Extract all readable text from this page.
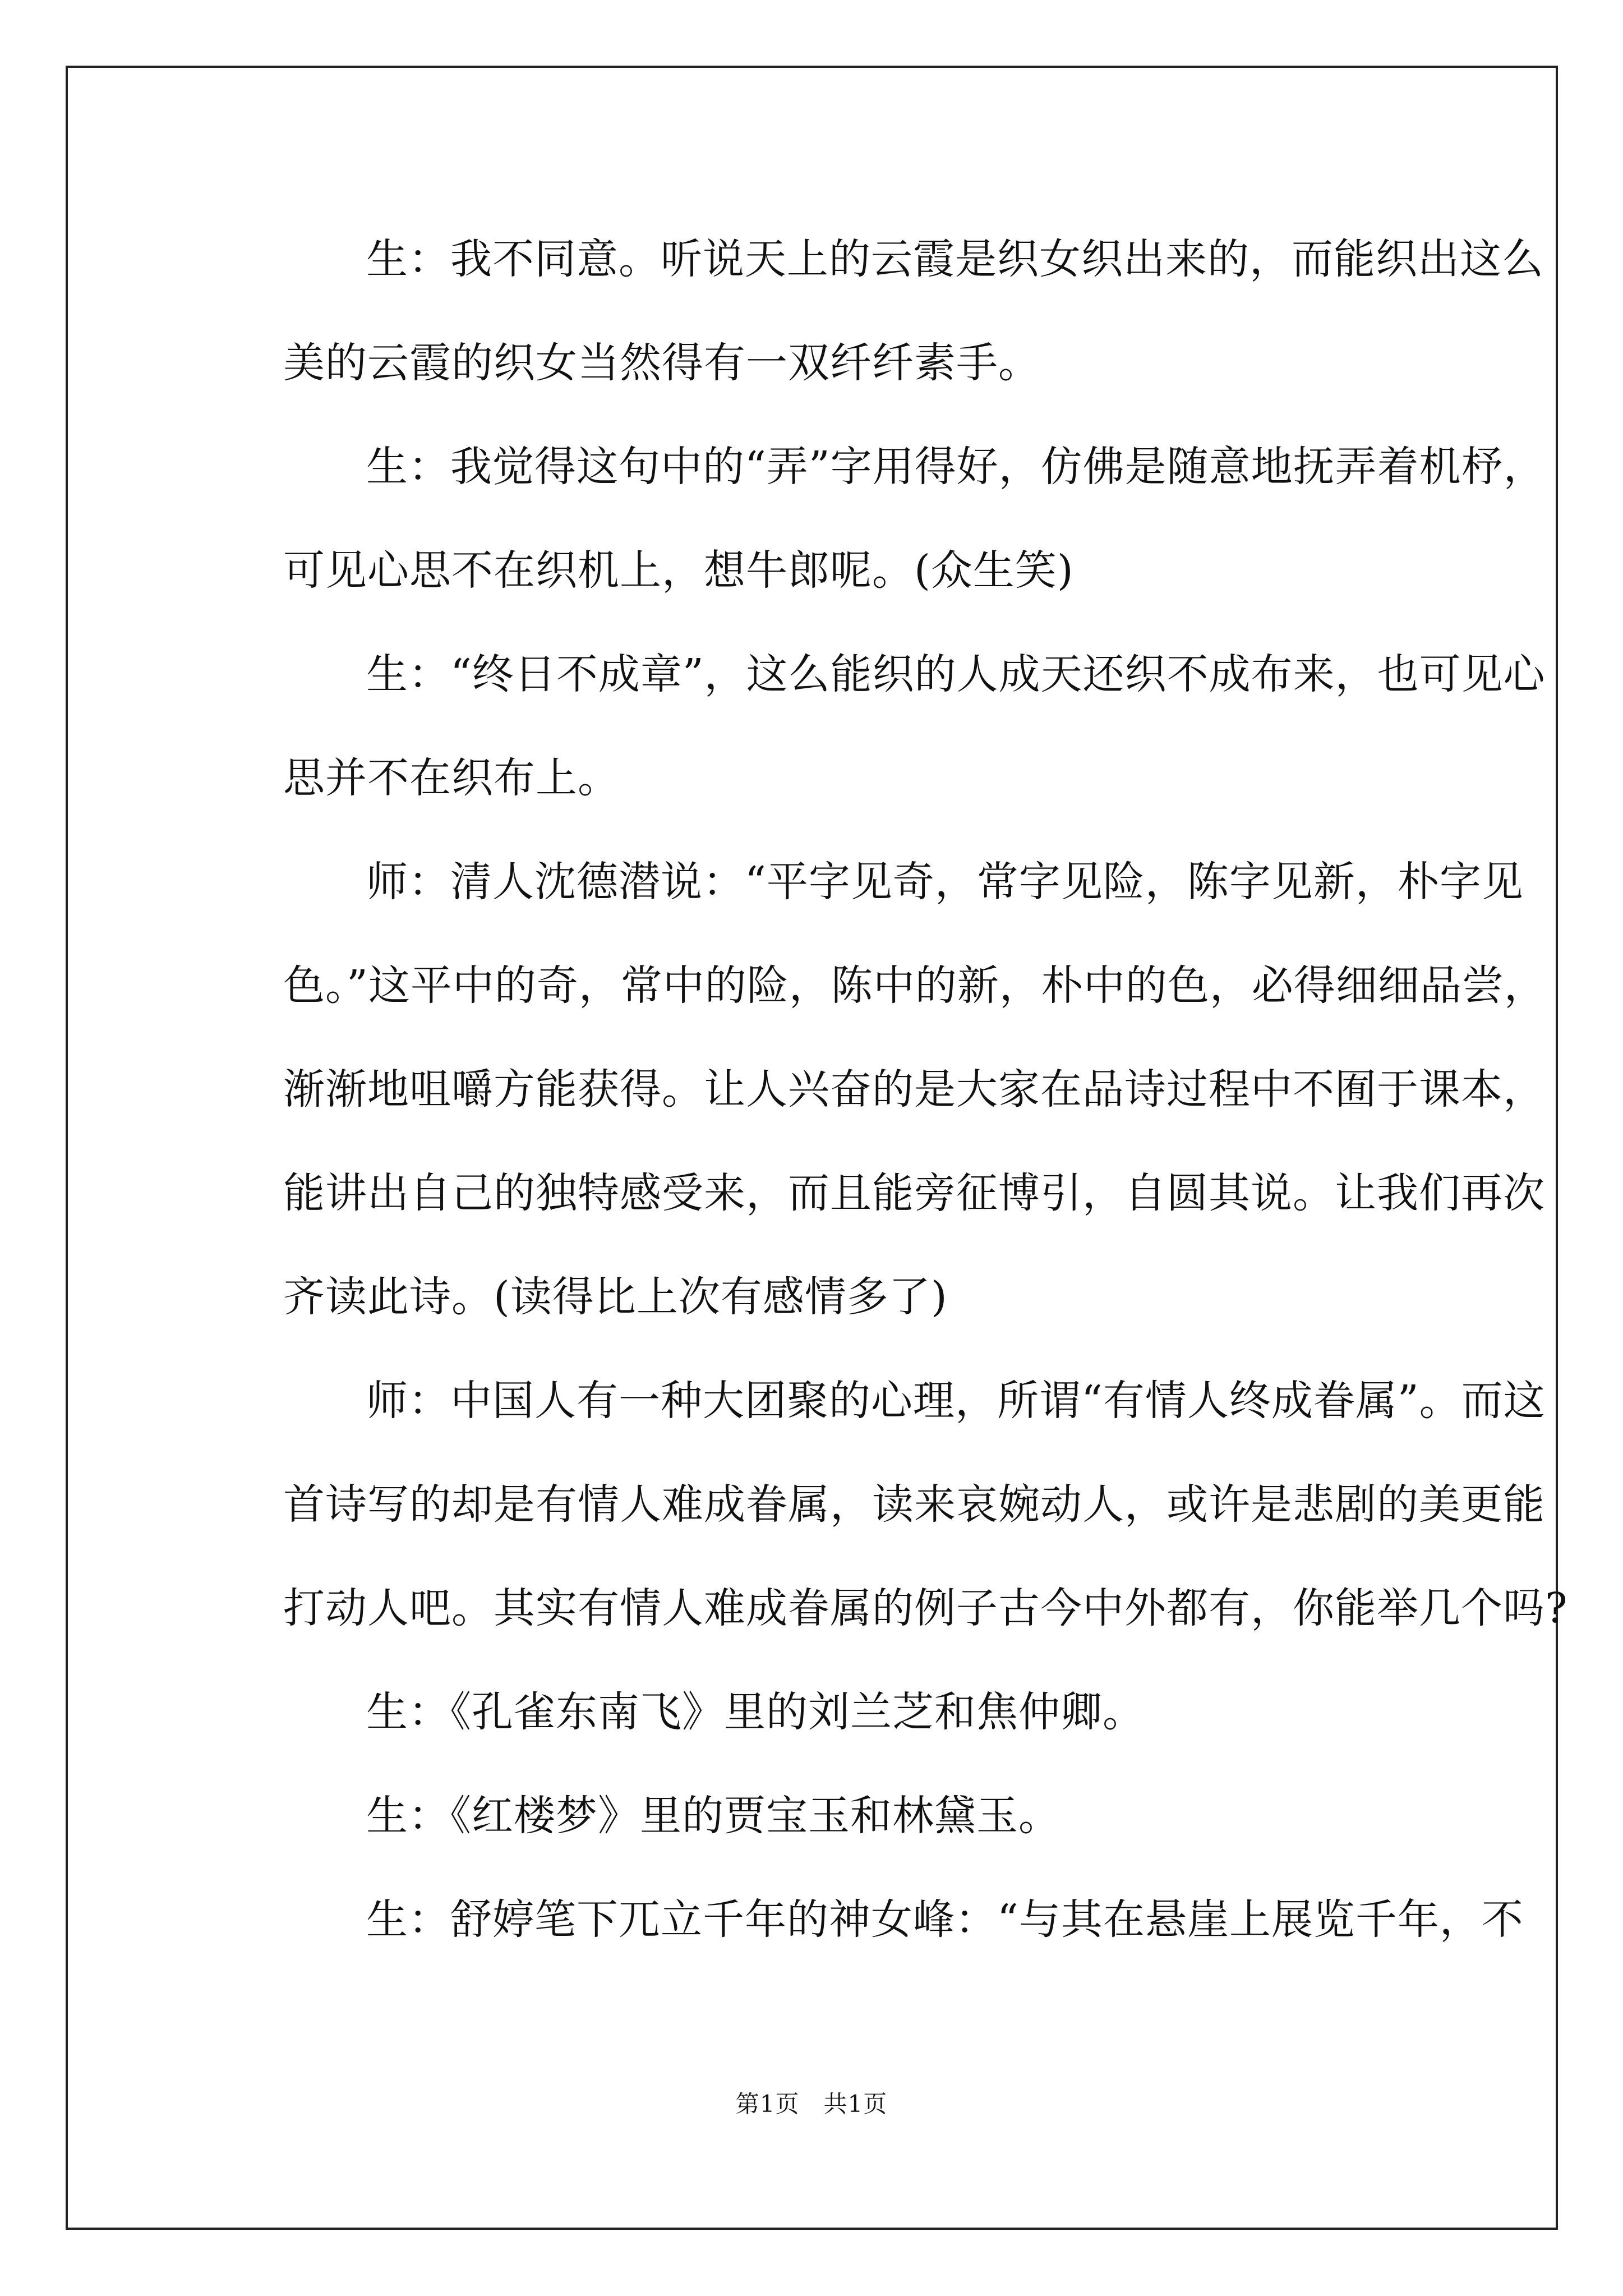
生：我不同意。听说天上的云霞是织女织出来的，而能织出这么
美的云霞的织女当然得有一双纤纤素手。

生：我觉得这句中的“弄”字用得好，仿佛是随意地抚弄着机杼，
可见心思不在织机上，想牛郎呢。(众生笑)

生：“终日不成章”，这么能织的人成天还织不成布来，也可见心
思并不在织布上。

师：清人沈德潜说：“平字见奇，常字见险，陈字见新，朴字见
色。”这平中的奇，常中的险，陈中的新，朴中的色，必得细细品尝，
渐渐地咀嚼方能获得。让人兴奋的是大家在品诗过程中不囿于课本，
能讲出自己的独特感受来，而且能旁征博引，自圆其说。让我们再次
齐读此诗。(读得比上次有感情多了)

师：中国人有一种大团聚的心理，所谓“有情人终成眷属”。而这
首诗写的却是有情人难成眷属，读来哀婉动人，或许是悲剧的美更能
打动人吧。其实有情人难成眷属的例子古今中外都有，你能举几个吗?

生：《孔雀东南飞》里的刘兰芝和焦仲卿。

生：《红楼梦》里的贾宝玉和林黛玉。

生：舒婷笔下兀立千年的神女峰：“与其在悬崖上展览千年，不

第1页　共1页
